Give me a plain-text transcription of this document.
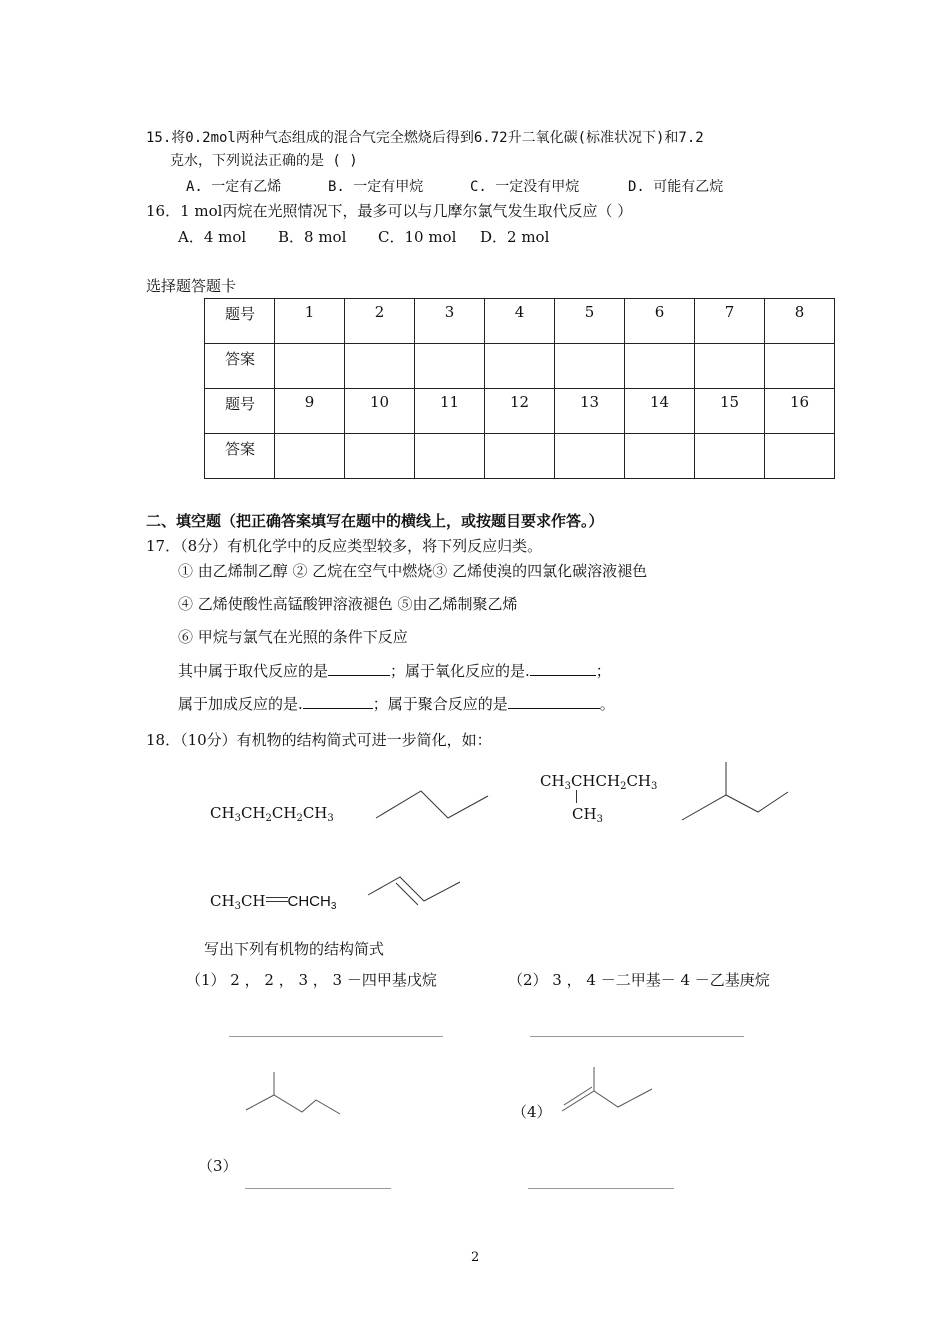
15.将0.2mol两种气态组成的混合气完全燃烧后得到6.72升二氧化碳(标准状况下)和7.2
克水，下列说法正确的是 ( )
A. 一定有乙烯	B. 一定有甲烷	C. 一定没有甲烷	D. 可能有乙烷
16．1 mol丙烷在光照情况下，最多可以与几摩尔氯气发生取代反应（ ）
A．4 mol B．8 mol C．10 mol D．2 mol
选择题答题卡
题号	1	2	3	4	5	6	7	8
答案								
题号	9	10	11	12	13	14	15	16
答案								
二、填空题（把正确答案填写在题中的横线上，或按题目要求作答。）
17．（8分）有机化学中的反应类型较多，将下列反应归类。
① 由乙烯制乙醇 ② 乙烷在空气中燃烧③ 乙烯使溴的四氯化碳溶液褪色
④ 乙烯使酸性高锰酸钾溶液褪色 ⑤由乙烯制聚乙烯
⑥ 甲烷与氯气在光照的条件下反应
其中属于取代反应的是	；属于氧化反应的是.	；
属于加成反应的是.	；属于聚合反应的是	。
18．（10分）有机物的结构简式可进一步简化，如：
$CH_3CH_2CH_2CH_3$
$CH_3CHCH_2CH_3$
$CH_3$
$CH_3CH$ $CHCH_3$
写出下列有机物的结构简式
（1） 2 ， 2 ， 3 ， 3 －四甲基戊烷	（2） 3 ， 4 －二甲基－ 4 －乙基庚烷
（4）
（3）
2
